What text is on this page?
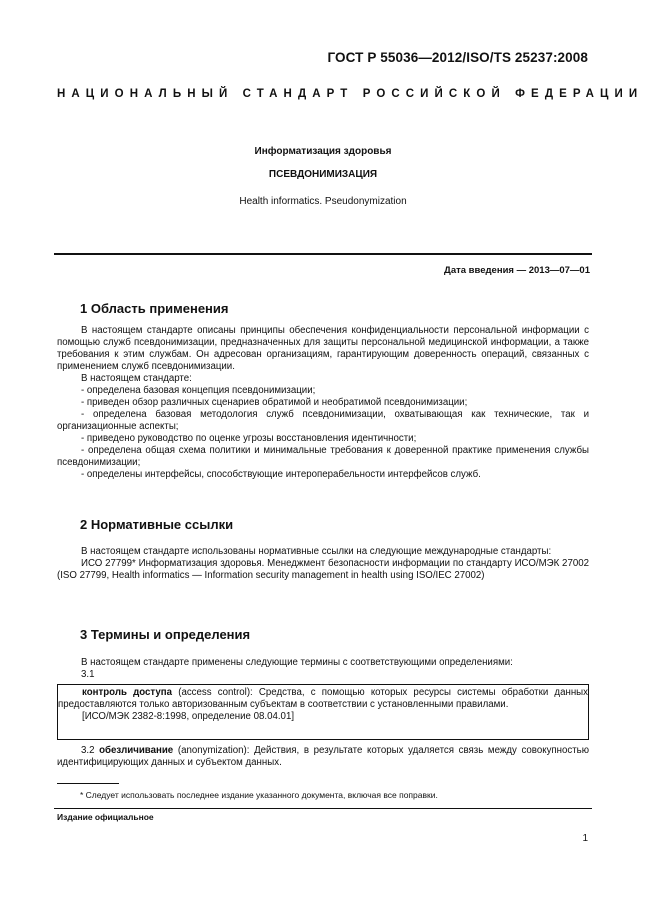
ГОСТ Р 55036—2012/ISO/TS 25237:2008
НАЦИОНАЛЬНЫЙ СТАНДАРТ РОССИЙСКОЙ ФЕДЕРАЦИИ
Информатизация здоровья
ПСЕВДОНИМИЗАЦИЯ
Health informatics. Pseudonymization
Дата введения — 2013—07—01
1 Область применения

В настоящем стандарте описаны принципы обеспечения конфиденциальности персональной информации с помощью служб псевдонимизации, предназначенных для защиты персональной медицинской информации, а также требования к этим службам. Он адресован организациям, гарантирующим доверенность операций, связанных с применением служб псевдонимизации.

В настоящем стандарте:

- определена базовая концепция псевдонимизации;

- приведен обзор различных сценариев обратимой и необратимой псевдонимизации;

- определена базовая методология служб псевдонимизации, охватывающая как технические, так и организационные аспекты;

- приведено руководство по оценке угрозы восстановления идентичности;

- определена общая схема политики и минимальные требования к доверенной практике применения службы псевдонимизации;

- определены интерфейсы, способствующие интероперабельности интерфейсов служб.

2 Нормативные ссылки

В настоящем стандарте использованы нормативные ссылки на следующие международные стандарты:

ИСО 27799* Информатизация здоровья. Менеджмент безопасности информации по стандарту ИСО/МЭК 27002 (ISO 27799, Health informatics — Information security management in health using ISO/IEC 27002)

3 Термины и определения

В настоящем стандарте применены следующие термины с соответствующими определениями:

3.1

контроль доступа (access control): Средства, с помощью которых ресурсы системы обработки данных предоставляются только авторизованным субъектам в соответствии с установленными правилами.

[ИСО/МЭК 2382-8:1998, определение 08.04.01]

3.2 обезличивание (anonymization): Действия, в результате которых удаляется связь между совокупностью идентифицирующих данных и субъектом данных.

* Следует использовать последнее издание указанного документа, включая все поправки.
Издание официальное
1
